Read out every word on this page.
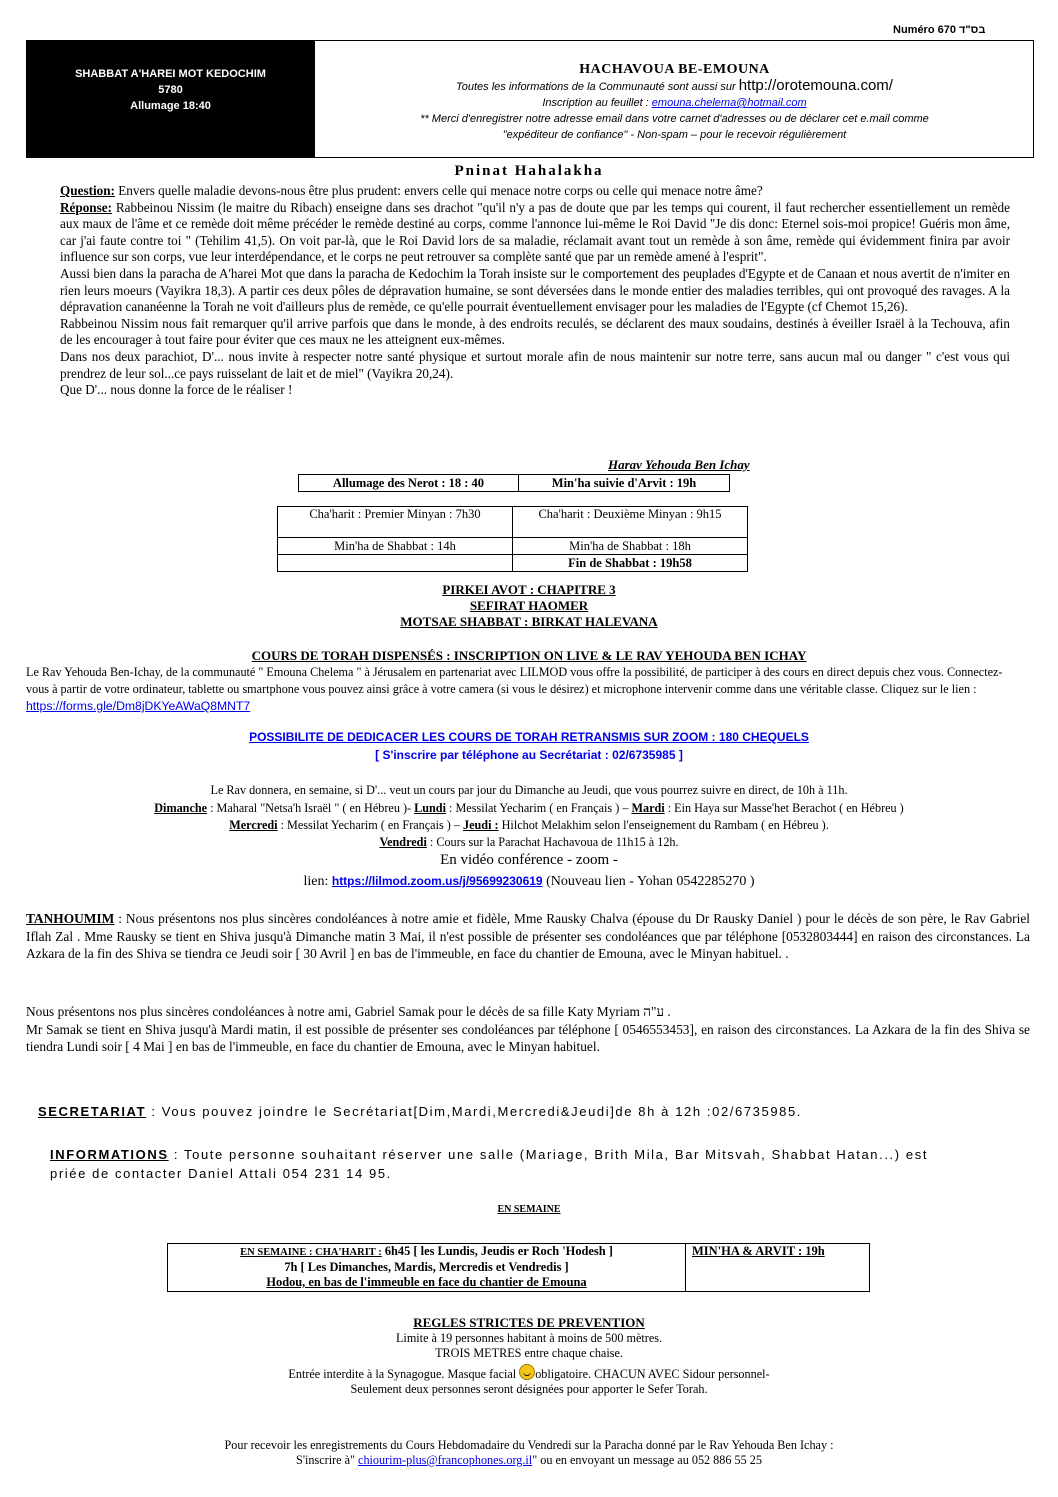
Numéro 670 בס"ד
SHABBAT A'HAREI MOT KEDOCHIM
5780
Allumage 18:40
HACHAVOUA BE-EMOUNA
Toutes les informations de la Communauté sont aussi sur http://orotemouna.com/
Inscription au feuillet : emouna.chelema@hotmail.com
** Merci d'enregistrer notre adresse email dans votre carnet d'adresses ou de déclarer cet e.mail comme
"expéditeur de confiance" - Non-spam – pour le recevoir régulièrement
Pninat Hahalakha
Question: Envers quelle maladie devons-nous être plus prudent: envers celle qui menace notre corps ou celle qui menace notre âme?
Réponse: Rabbeinou Nissim (le maitre du Ribach) enseigne dans ses drachot "qu'il n'y a pas de doute que par les temps qui courent, il faut rechercher essentiellement un remède aux maux de l'âme et ce remède doit même précéder le remède destiné au corps, comme l'annonce lui-même le Roi David "Je dis donc: Eternel sois-moi propice! Guéris mon âme, car j'ai faute contre toi " (Tehilim 41,5). On voit par-là, que le Roi David lors de sa maladie, réclamait avant tout un remède à son âme, remède qui évidemment finira par avoir influence sur son corps, vue leur interdépendance, et le corps ne peut retrouver sa complète santé que par un remède amené à l'esprit".
Aussi bien dans la paracha de A'harei Mot que dans la paracha de Kedochim la Torah insiste sur le comportement des peuplades d'Egypte et de Canaan et nous avertit de n'imiter en rien leurs moeurs (Vayikra 18,3). A partir ces deux pôles de dépravation humaine, se sont déversées dans le monde entier des maladies terribles, qui ont provoqué des ravages. A la dépravation cananéenne la Torah ne voit d'ailleurs plus de remède, ce qu'elle pourrait éventuellement envisager pour les maladies de l'Egypte (cf Chemot 15,26).
Rabbeinou Nissim nous fait remarquer qu'il arrive parfois que dans le monde, à des endroits reculés, se déclarent des maux soudains, destinés à éveiller Israël à la Techouva, afin de les encourager à tout faire pour éviter que ces maux ne les atteignent eux-mêmes.
Dans nos deux parachiot, D'... nous invite à respecter notre santé physique et surtout morale afin de nous maintenir sur notre terre, sans aucun mal ou danger " c'est vous qui prendrez de leur sol...ce pays ruisselant de lait et de miel" (Vayikra 20,24).
Que D'... nous donne la force de le réaliser !
Harav Yehouda Ben Ichay
Allumage des Nerot : 18 : 40	Min'ha suivie d'Arvit : 19h
Cha'harit : Premier Minyan : 7h30	Cha'harit : Deuxième Minyan : 9h15
Min'ha de Shabbat : 14h	Min'ha de Shabbat : 18h
	Fin de Shabbat : 19h58
PIRKEI AVOT : CHAPITRE 3
SEFIRAT HAOMER
MOTSAE SHABBAT : BIRKAT HALEVANA
COURS DE TORAH DISPENSÉS : INSCRIPTION ON LIVE & LE RAV YEHOUDA BEN ICHAY
Le Rav Yehouda Ben-Ichay, de la communauté " Emouna Chelema " à Jérusalem en partenariat avec LILMOD vous offre la possibilité, de participer à des cours en direct depuis chez vous. Connectez- vous à partir de votre ordinateur, tablette ou smartphone vous pouvez ainsi grâce à votre camera (si vous le désirez) et microphone intervenir comme dans une véritable classe. Cliquez sur le lien : https://forms.gle/Dm8jDKYeAWaQ8MNT7
POSSIBILITE DE DEDICACER LES COURS DE TORAH RETRANSMIS SUR ZOOM : 180 CHEQUELS
[ S'inscrire par téléphone au Secrétariat : 02/6735985 ]
Le Rav donnera, en semaine, si D'... veut un cours par jour du Dimanche au Jeudi, que vous pourrez suivre en direct, de 10h à 11h.
Dimanche : Maharal "Netsa'h Israël " ( en Hébreu )- Lundi : Messilat Yecharim ( en Français ) – Mardi : Ein Haya sur Masse'het Berachot ( en Hébreu )
Mercredi : Messilat Yecharim ( en Français ) – Jeudi : Hilchot Melakhim selon l'enseignement du Rambam ( en Hébreu ).
Vendredi : Cours sur la Parachat Hachavoua de 11h15 à 12h.
En vidéo conférence - zoom -
lien: https://lilmod.zoom.us/j/95699230619 (Nouveau lien - Yohan 0542285270 )
TANHOUMIM : Nous présentons nos plus sincères condoléances à notre amie et fidèle, Mme Rausky Chalva (épouse du Dr Rausky Daniel ) pour le décès de son père, le Rav Gabriel Iflah Zal . Mme Rausky se tient en Shiva jusqu'à Dimanche matin 3 Mai, il n'est possible de présenter ses condoléances que par téléphone [0532803444] en raison des circonstances. La Azkara de la fin des Shiva se tiendra ce Jeudi soir [ 30 Avril ] en bas de l'immeuble, en face du chantier de Emouna, avec le Minyan habituel. .
Nous présentons nos plus sincères condoléances à notre ami, Gabriel Samak pour le décès de sa fille Katy Myriam ע"ה .
Mr Samak se tient en Shiva jusqu'à Mardi matin, il est possible de présenter ses condoléances par téléphone [ 0546553453], en raison des circonstances. La Azkara de la fin des Shiva se tiendra Lundi soir [ 4 Mai ] en bas de l'immeuble, en face du chantier de Emouna, avec le Minyan habituel.
SECRETARIAT : Vous pouvez joindre le Secrétariat[Dim,Mardi,Mercredi&Jeudi]de 8h à 12h :02/6735985.
INFORMATIONS : Toute personne souhaitant réserver une salle (Mariage, Brith Mila, Bar Mitsvah, Shabbat Hatan...) est priée de contacter Daniel Attali 054 231 14 95.
EN SEMAINE
EN SEMAINE : CHA'HARIT : 6h45 [ les Lundis, Jeudis er Roch 'Hodesh ]
7h [ Les Dimanches, Mardis, Mercredis et Vendredis ]
Hodou, en bas de l'immeuble en face du chantier de Emouna
	MIN'HA & ARVIT : 19h
REGLES STRICTES DE PREVENTION
Limite à 19 personnes habitant à moins de 500 mètres.
TROIS METRES entre chaque chaise.
Entrée interdite à la Synagogue. Masque facial obligatoire. CHACUN AVEC Sidour personnel-
Seulement deux personnes seront désignées pour apporter le Sefer Torah.
Pour recevoir les enregistrements du Cours Hebdomadaire du Vendredi sur la Paracha donné par le Rav Yehouda Ben Ichay :
S'inscrire à" chiourim-plus@francophones.org.il" ou en envoyant un message au 052 886 55 25
